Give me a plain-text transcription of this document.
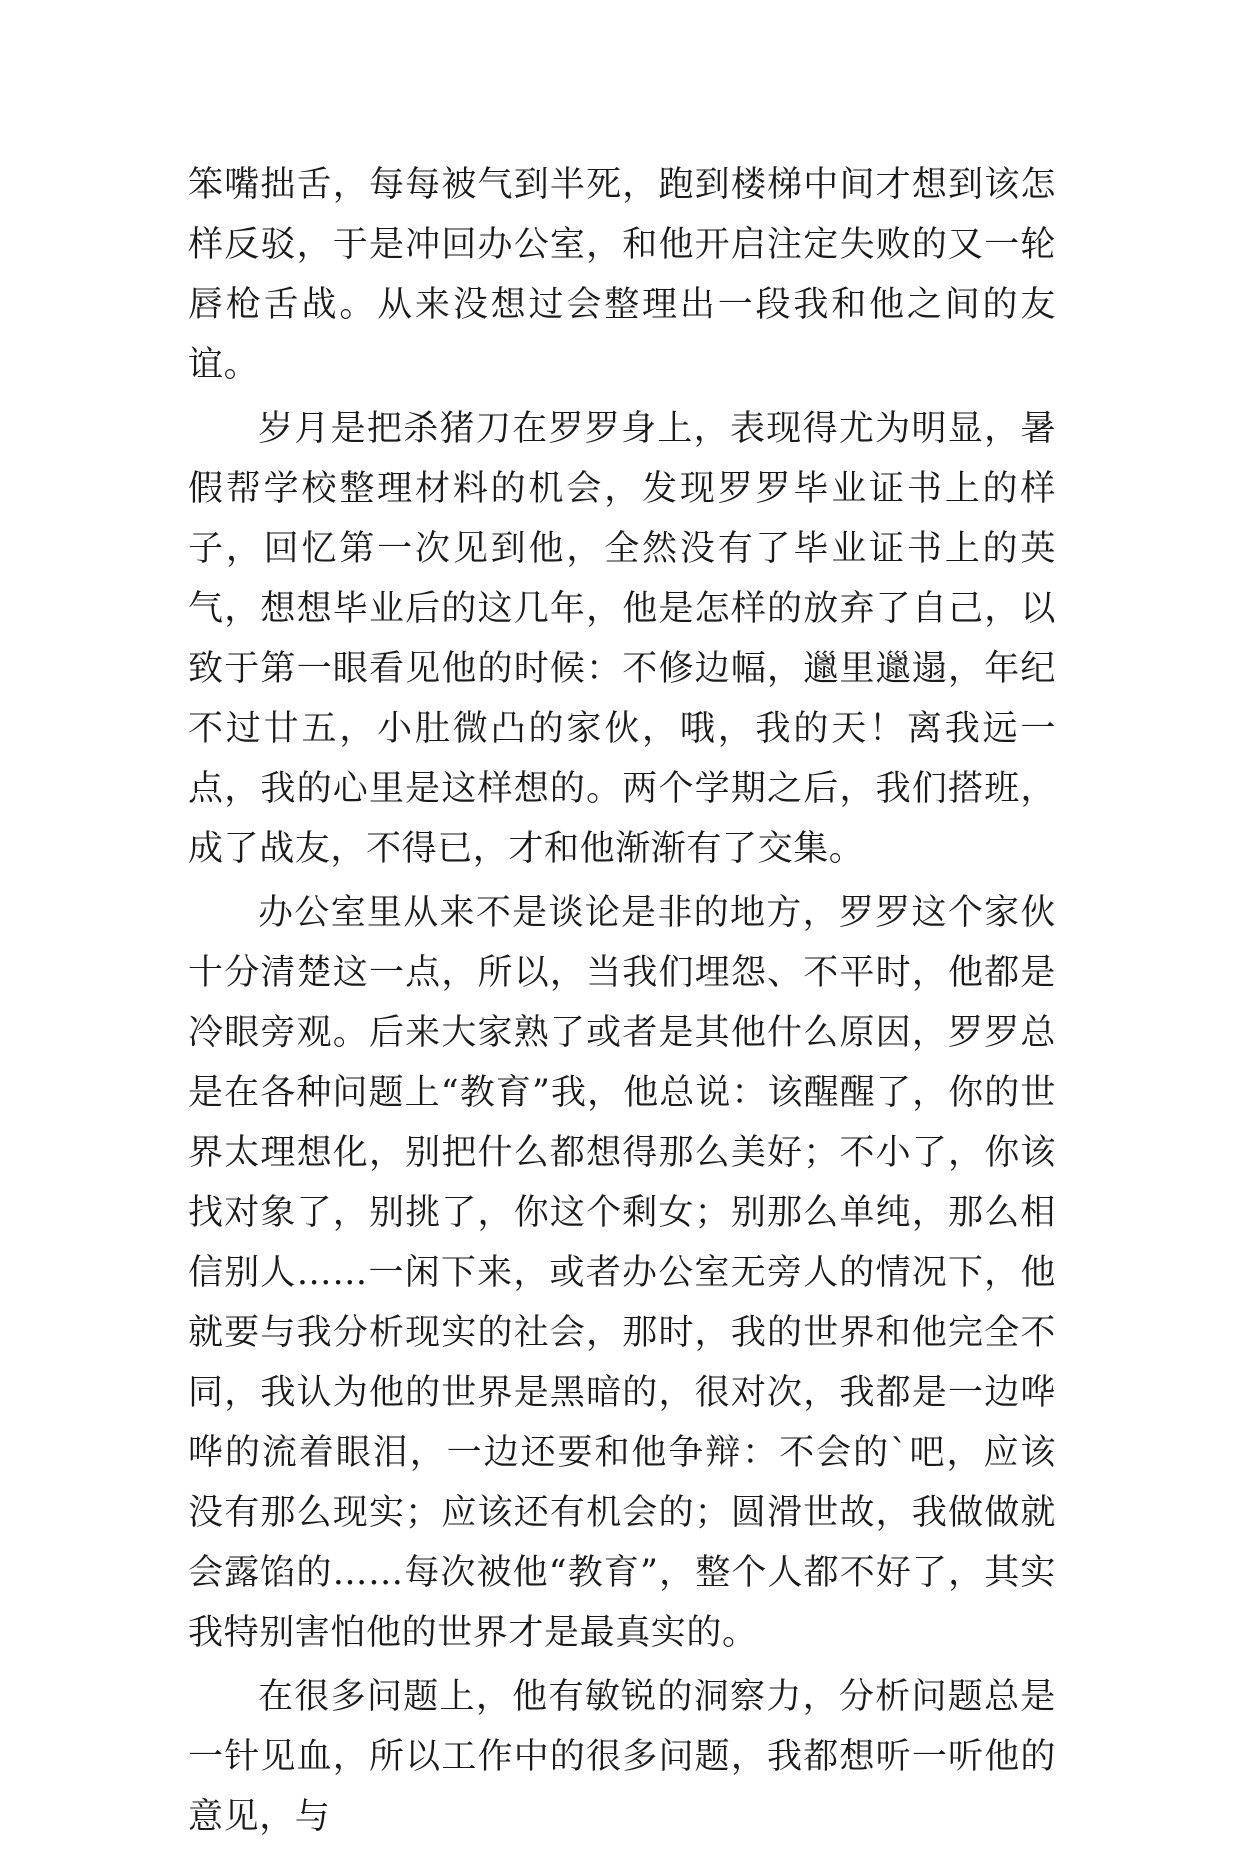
笨嘴拙舌，每每被气到半死，跑到楼梯中间才想到该怎样反驳，于是冲回办公室，和他开启注定失败的又一轮唇枪舌战。从来没想过会整理出一段我和他之间的友谊。

岁月是把杀猪刀在罗罗身上，表现得尤为明显，暑假帮学校整理材料的机会，发现罗罗毕业证书上的样子，回忆第一次见到他，全然没有了毕业证书上的英气，想想毕业后的这几年，他是怎样的放弃了自己，以致于第一眼看见他的时候：不修边幅，邋里邋遢，年纪不过廿五，小肚微凸的家伙，哦，我的天！离我远一点，我的心里是这样想的。两个学期之后，我们搭班，成了战友，不得已，才和他渐渐有了交集。

办公室里从来不是谈论是非的地方，罗罗这个家伙十分清楚这一点，所以，当我们埋怨、不平时，他都是冷眼旁观。后来大家熟了或者是其他什么原因，罗罗总是在各种问题上“教育”我，他总说：该醒醒了，你的世界太理想化，别把什么都想得那么美好；不小了，你该找对象了，别挑了，你这个剩女；别那么单纯，那么相信别人……一闲下来，或者办公室无旁人的情况下，他就要与我分析现实的社会，那时，我的世界和他完全不同，我认为他的世界是黑暗的，很对次，我都是一边哗哗的流着眼泪，一边还要和他争辩：不会的`吧，应该没有那么现实；应该还有机会的；圆滑世故，我做做就会露馅的……每次被他“教育”，整个人都不好了，其实我特别害怕他的世界才是最真实的。

在很多问题上，他有敏锐的洞察力，分析问题总是一针见血，所以工作中的很多问题，我都想听一听他的意见，与
